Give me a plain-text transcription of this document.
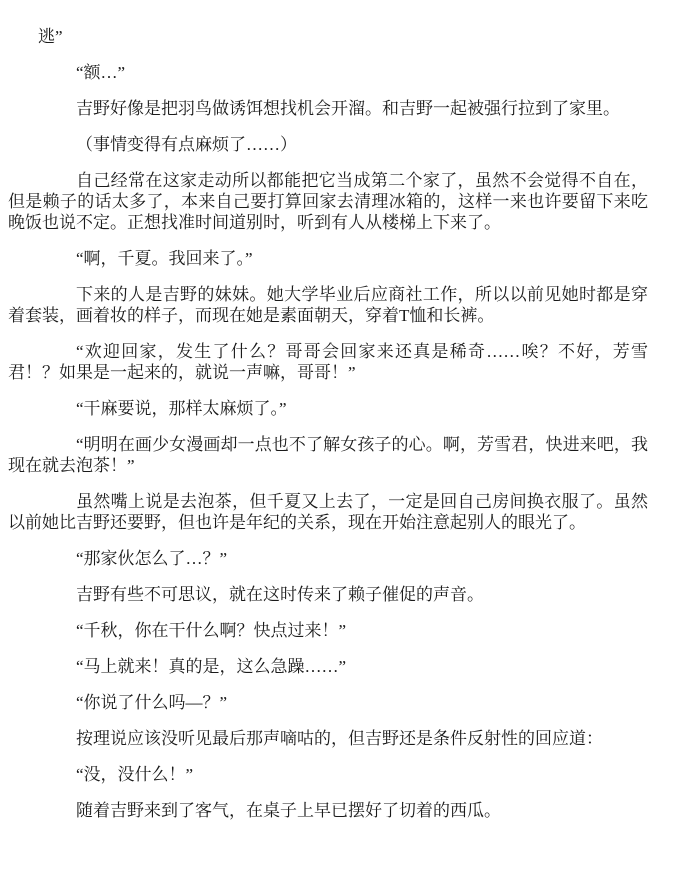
逃”

“额…”

吉野好像是把羽鸟做诱饵想找机会开溜。和吉野一起被强行拉到了家里。

（事情变得有点麻烦了……）

自己经常在这家走动所以都能把它当成第二个家了，虽然不会觉得不自在，但是赖子的话太多了，本来自己要打算回家去清理冰箱的，这样一来也许要留下来吃晚饭也说不定。正想找准时间道别时，听到有人从楼梯上下来了。

“啊，千夏。我回来了。”

下来的人是吉野的妹妹。她大学毕业后应商社工作，所以以前见她时都是穿着套装，画着妆的样子，而现在她是素面朝天，穿着T恤和长裤。

“欢迎回家，发生了什么？哥哥会回家来还真是稀奇……唉？不好，芳雪君！？如果是一起来的，就说一声嘛，哥哥！”

“干麻要说，那样太麻烦了。”

“明明在画少女漫画却一点也不了解女孩子的心。啊，芳雪君，快进来吧，我现在就去泡茶！”

虽然嘴上说是去泡茶，但千夏又上去了，一定是回自己房间换衣服了。虽然以前她比吉野还要野，但也许是年纪的关系，现在开始注意起别人的眼光了。

“那家伙怎么了…？”

吉野有些不可思议，就在这时传来了赖子催促的声音。

“千秋，你在干什么啊？快点过来！”

“马上就来！真的是，这么急躁……”

“你说了什么吗—？”

按理说应该没听见最后那声嘀咕的，但吉野还是条件反射性的回应道：

“没，没什么！”

随着吉野来到了客气，在桌子上早已摆好了切着的西瓜。
